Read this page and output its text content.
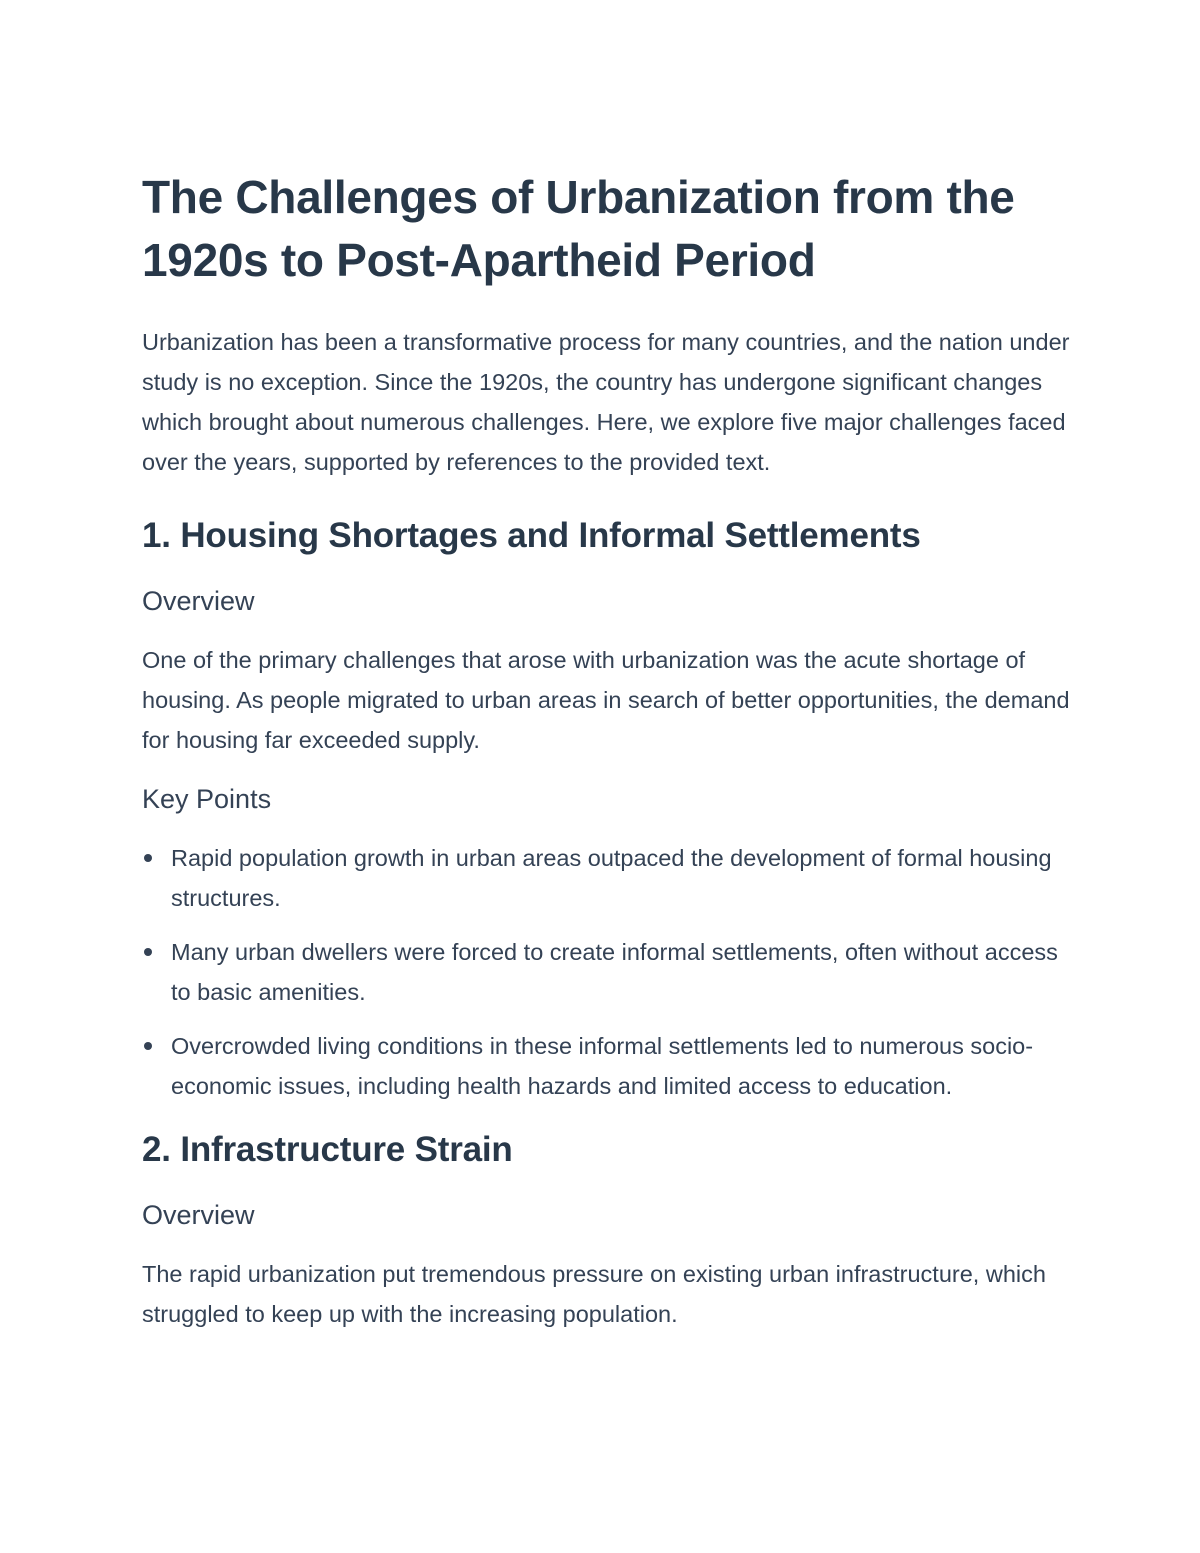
The Challenges of Urbanization from the 1920s to Post-Apartheid Period

Urbanization has been a transformative process for many countries, and the nation under study is no exception. Since the 1920s, the country has undergone significant changes which brought about numerous challenges. Here, we explore five major challenges faced over the years, supported by references to the provided text.

1. Housing Shortages and Informal Settlements
Overview

One of the primary challenges that arose with urbanization was the acute shortage of housing. As people migrated to urban areas in search of better opportunities, the demand for housing far exceeded supply.

Key Points
Rapid population growth in urban areas outpaced the development of formal housing structures.
Many urban dwellers were forced to create informal settlements, often without access to basic amenities.
Overcrowded living conditions in these informal settlements led to numerous socio-economic issues, including health hazards and limited access to education.
2. Infrastructure Strain
Overview

The rapid urbanization put tremendous pressure on existing urban infrastructure, which struggled to keep up with the increasing population.
